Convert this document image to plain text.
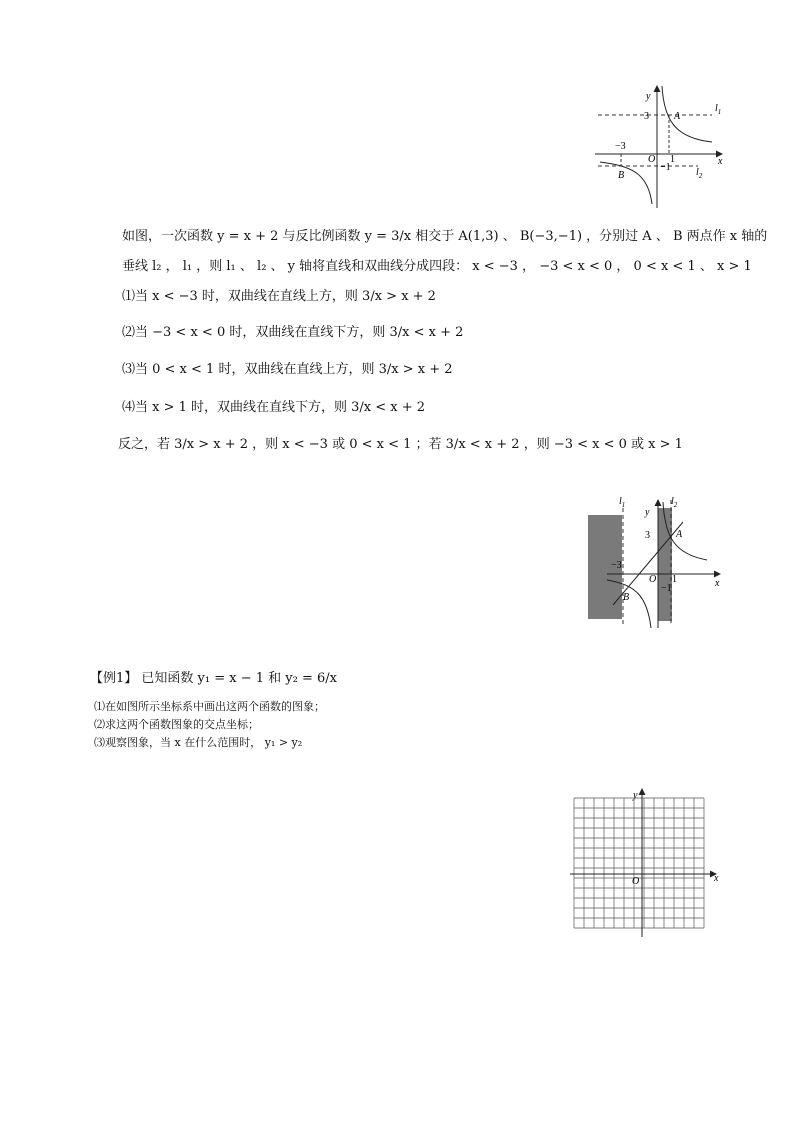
y
x
O
3
−3
1
−1
A
B
$l_1$
$l_2$
如图，一次函数 y = x + 2 与反比例函数 y = 3/x 相交于 A(1,3) 、 B(−3,−1) ，分别过 A 、 B 两点作 x 轴的
垂线 l₂ ， l₁ ，则 l₁ 、 l₂ 、 y 轴将直线和双曲线分成四段： x < −3 ， −3 < x < 0 ， 0 < x < 1 、 x > 1
⑴当 x < −3 时，双曲线在直线上方，则 3/x > x + 2
⑵当 −3 < x < 0 时，双曲线在直线下方，则 3/x < x + 2
⑶当 0 < x < 1 时，双曲线在直线上方，则 3/x > x + 2
⑷当 x > 1 时，双曲线在直线下方，则 3/x < x + 2
反之，若 3/x > x + 2 ，则 x < −3 或 0 < x < 1 ；若 3/x < x + 2 ，则 −3 < x < 0 或 x > 1
y
x
O
3
−3
1
−1
A
B
$l_1$	$l_2$
【例1】 已知函数 y₁ = x − 1 和 y₂ = 6/x
⑴在如图所示坐标系中画出这两个函数的图象；
⑵求这两个函数图象的交点坐标；
⑶观察图象，当 x 在什么范围时， y₁ > y₂
y
x
O
